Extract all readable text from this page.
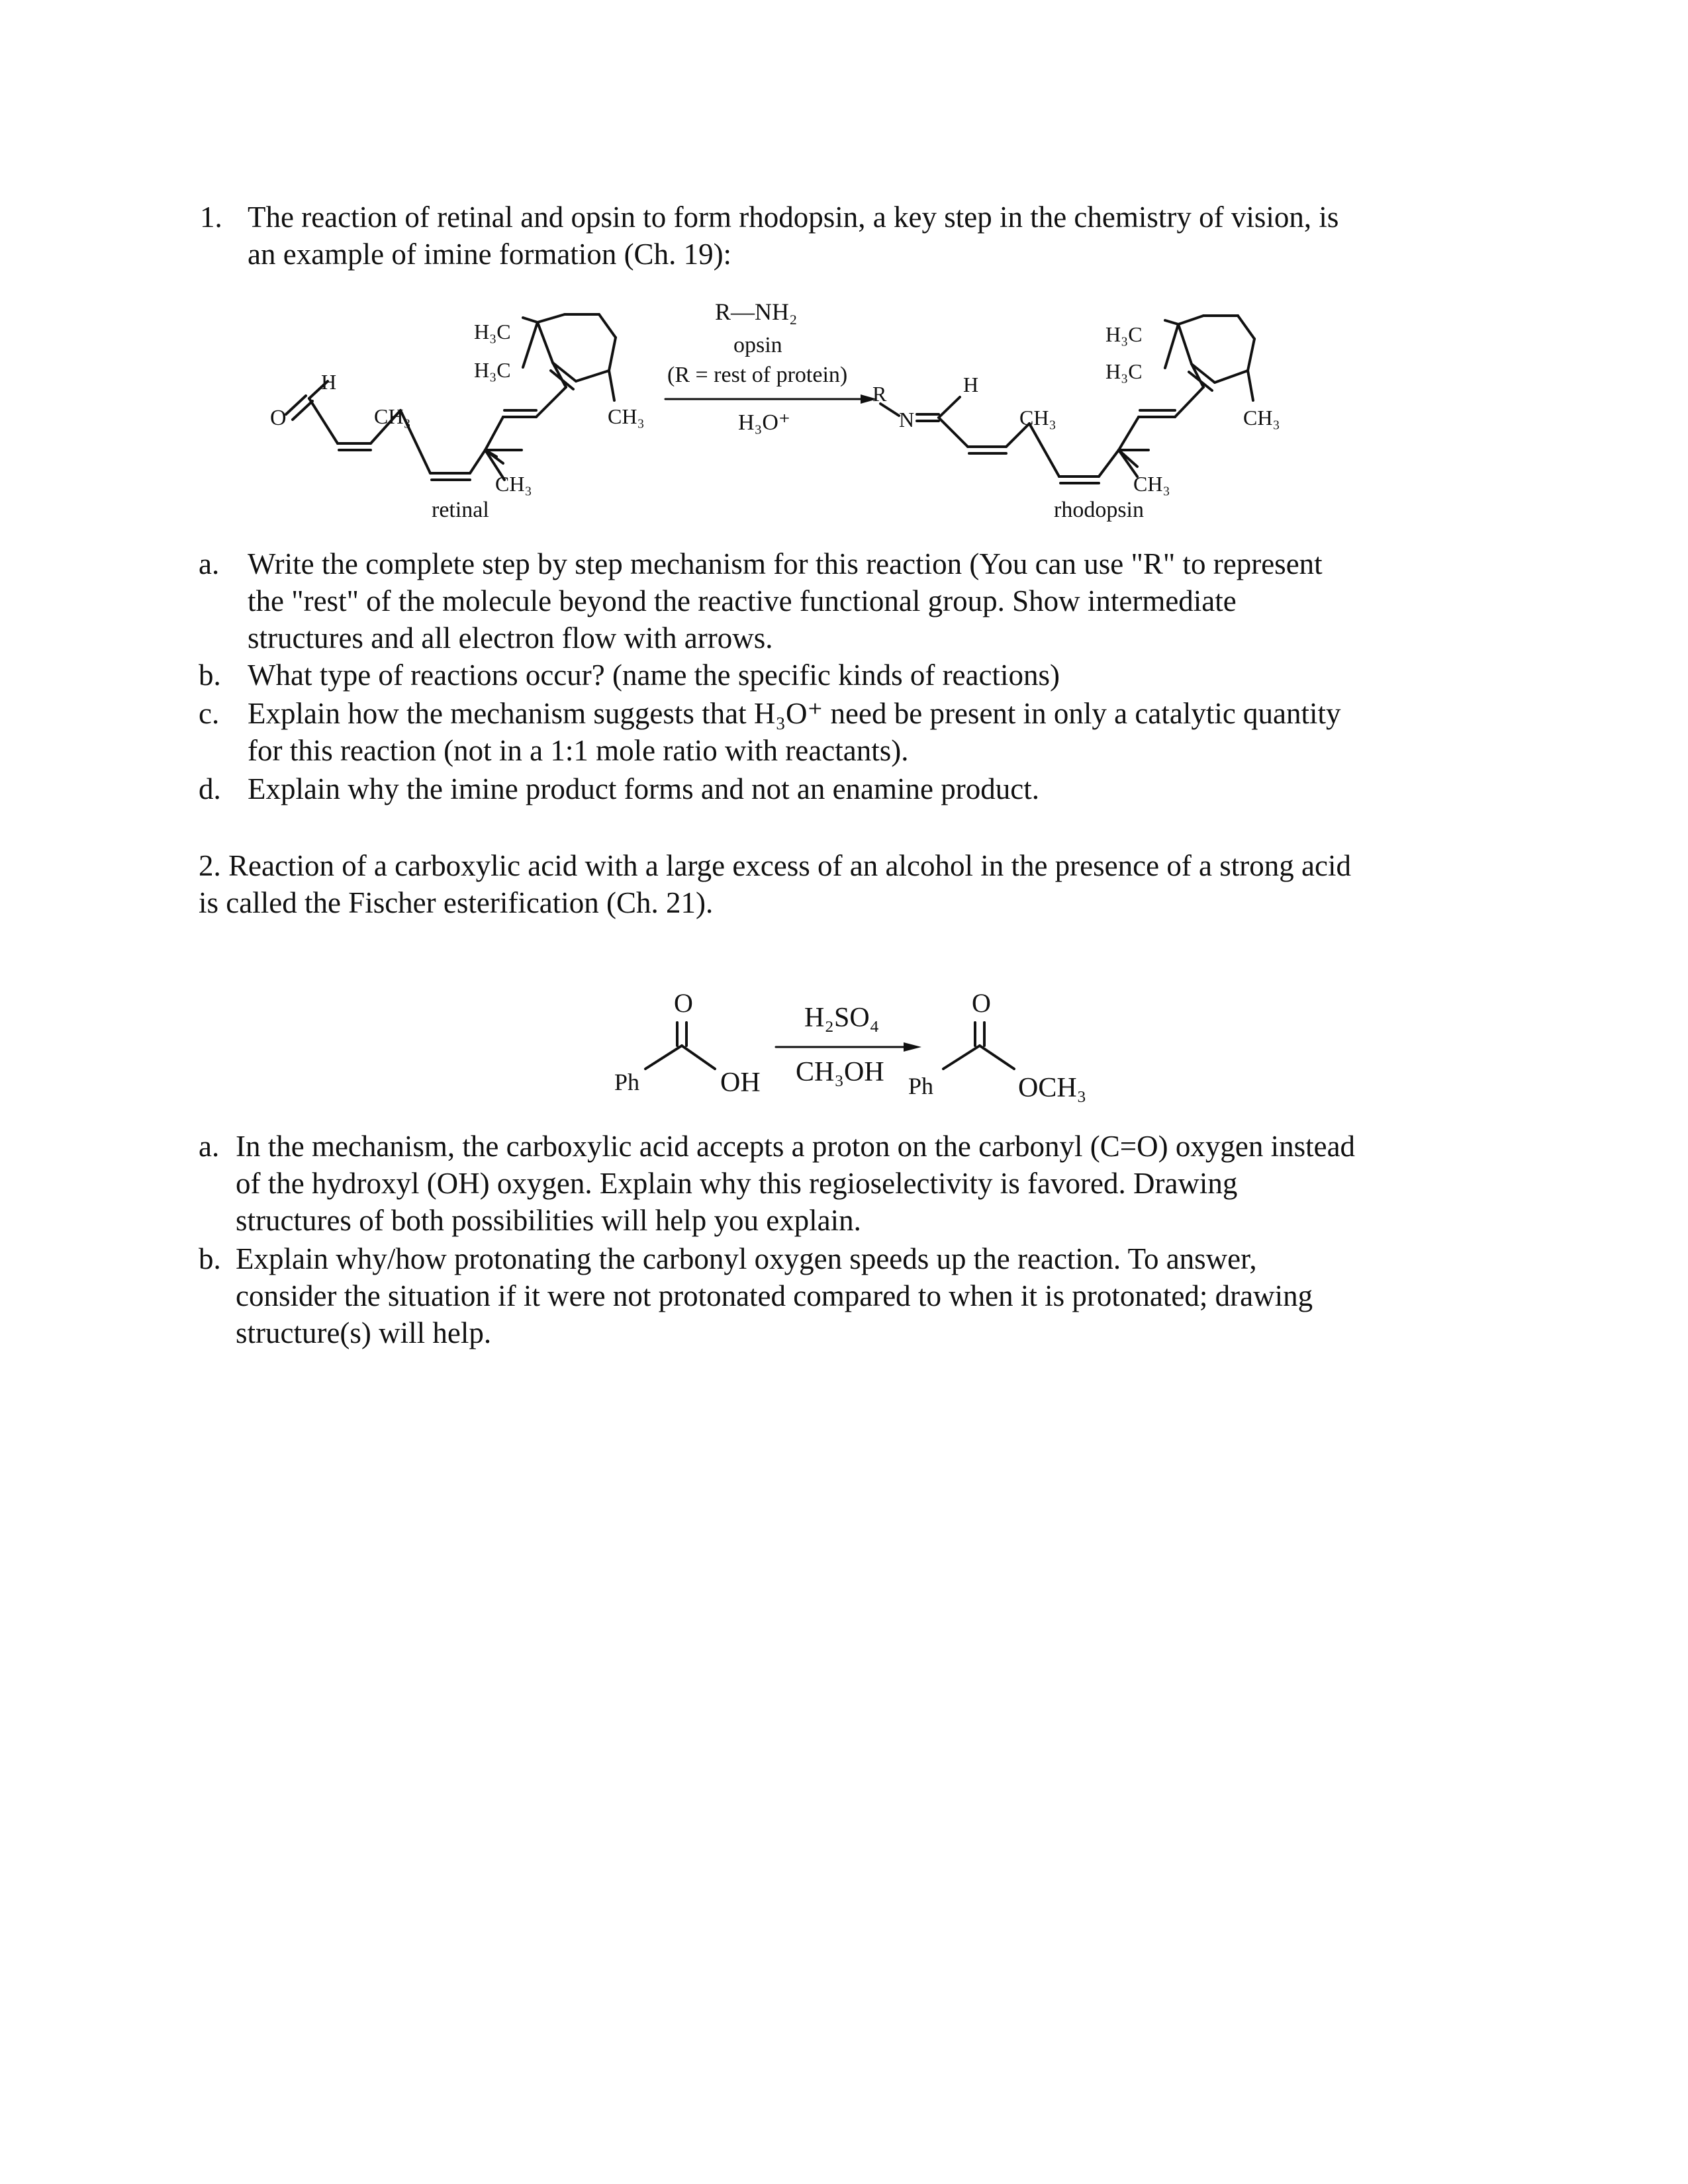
1. The reaction of retinal and opsin to form rhodopsin, a key step in the chemistry of vision, is
an example of imine formation (Ch. 19):
O
H
CH₃
H₃C
H₃C
CH₃
CH₃
R
N
H
CH₃
H₃C
H₃C
CH₃
CH₃
R—NH₂
opsin
(R = rest of protein)
H₃O⁺
retinal	rhodopsin
a. Write the complete step by step mechanism for this reaction (You can use "R" to represent
the "rest" of the molecule beyond the reactive functional group. Show intermediate
structures and all electron flow with arrows.
b. What type of reactions occur? (name the specific kinds of reactions)
c. Explain how the mechanism suggests that H₃O⁺ need be present in only a catalytic quantity
for this reaction (not in a 1:1 mole ratio with reactants).
d. Explain why the imine product forms and not an enamine product.
2. Reaction of a carboxylic acid with a large excess of an alcohol in the presence of a strong acid
is called the Fischer esterification (Ch. 21).
O
Ph	OH
H₂SO₄
CH₃OH
O
Ph	OCH₃
a. In the mechanism, the carboxylic acid accepts a proton on the carbonyl (C=O) oxygen instead
of the hydroxyl (OH) oxygen. Explain why this regioselectivity is favored. Drawing
structures of both possibilities will help you explain.
b. Explain why/how protonating the carbonyl oxygen speeds up the reaction. To answer,
consider the situation if it were not protonated compared to when it is protonated; drawing
structure(s) will help.
